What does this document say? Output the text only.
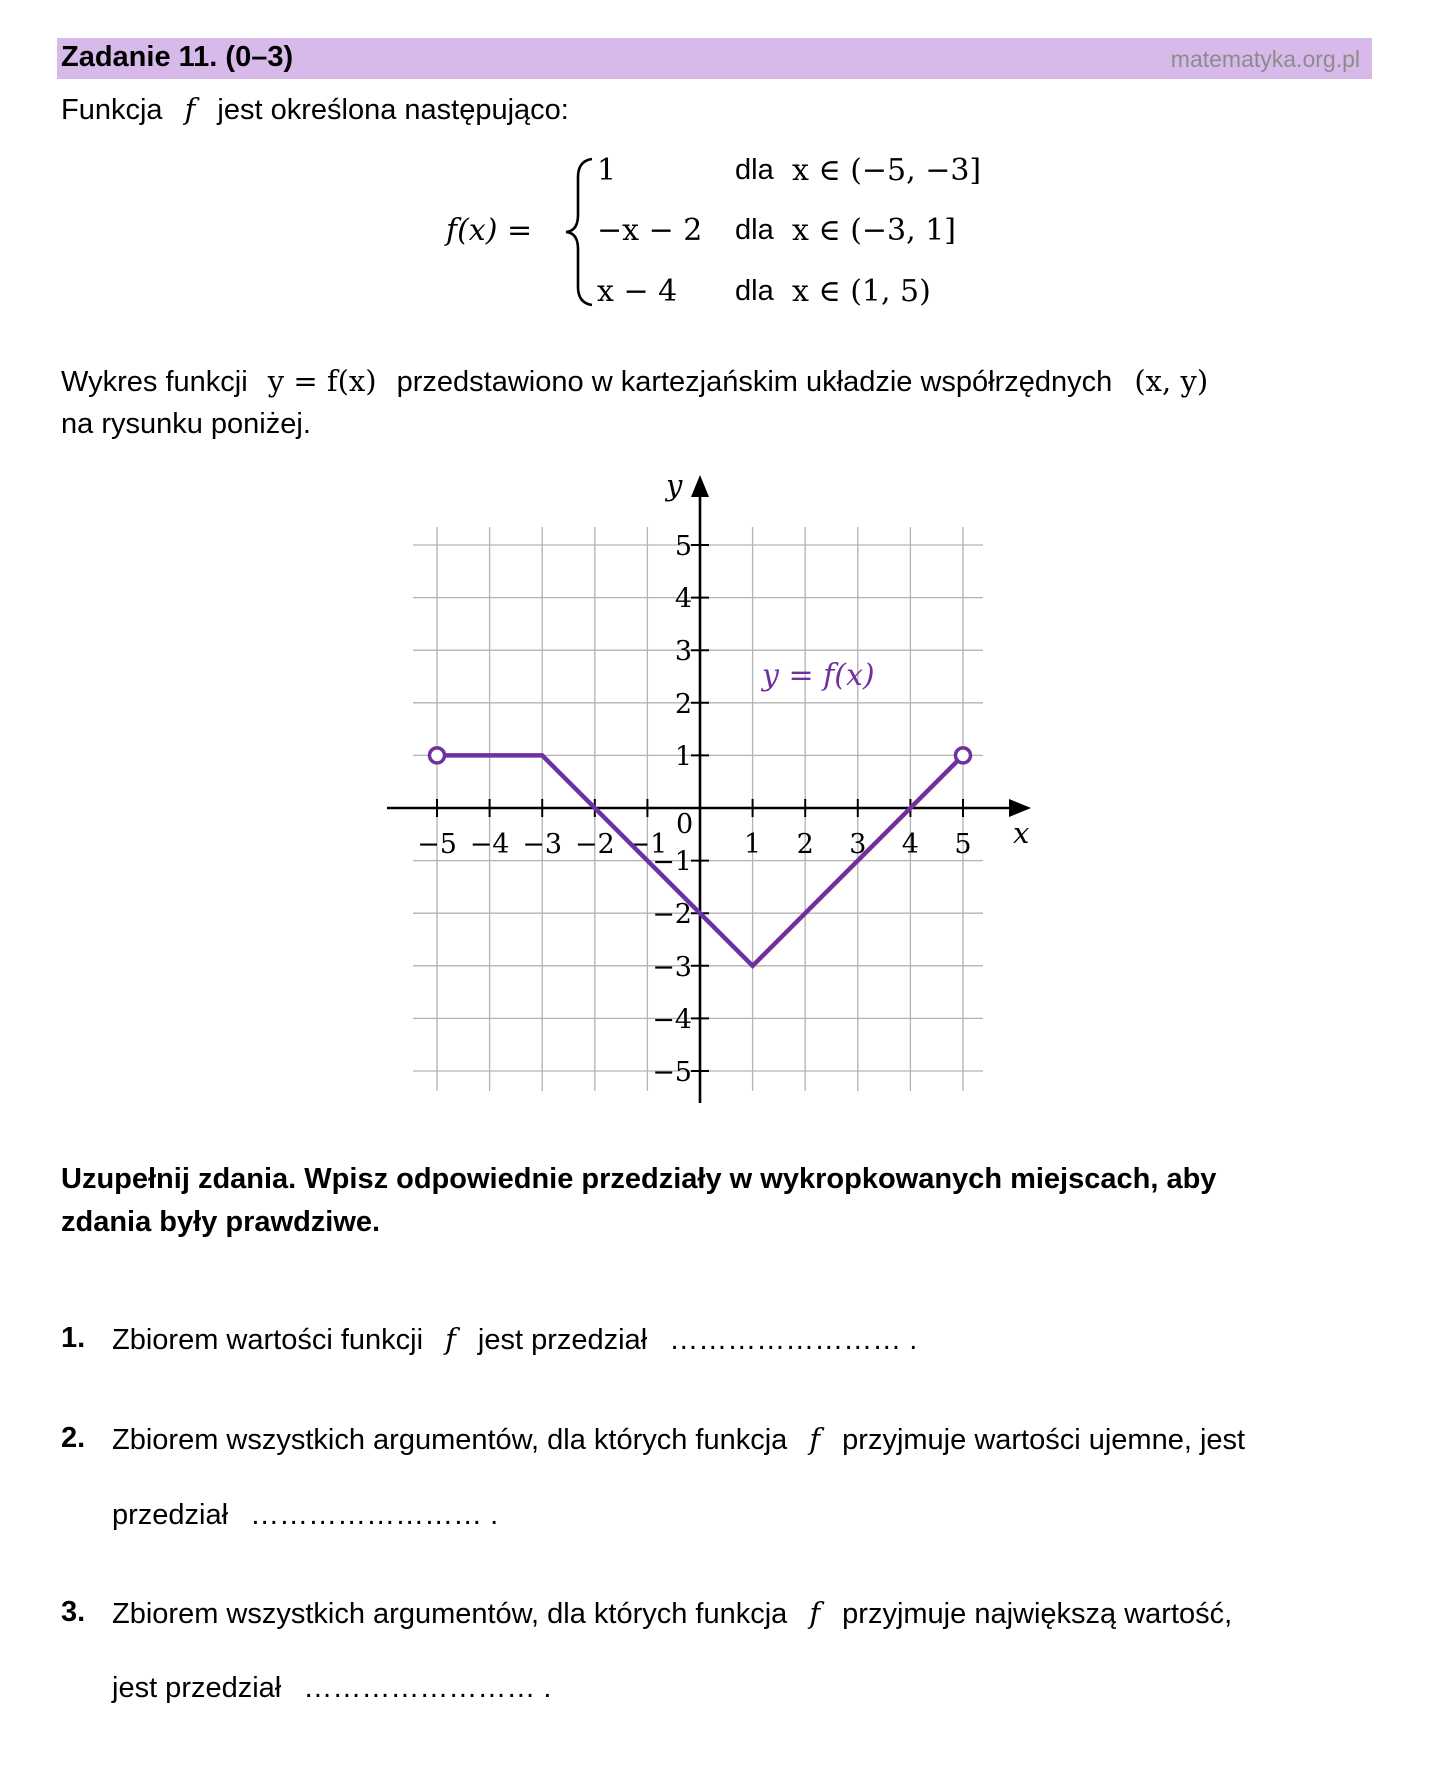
Zadanie 11. (0–3)	matematyka.org.pl
Funkcja f jest określona następująco:
f(x) =
1	dla x ∈ (−5, −3]
−x − 2 dla x ∈ (−3, 1]
x − 4 dla x ∈ (1, 5)
Wykres funkcji y = f(x) przedstawiono w kartezjańskim układzie współrzędnych (x, y)
na rysunku poniżej.
−5 −4 −3 −2 −1	1 2 3 4 5
5
4
3
2
1
−1
−2
−3
−4
−5
y = f(x)
x
y
0
Uzupełnij zdania. Wpisz odpowiednie przedziały w wykropkowanych miejscach, aby
zdania były prawdziwe.
1. Zbiorem wartości funkcji f jest przedział …………………… .
2. Zbiorem wszystkich argumentów, dla których funkcja f przyjmuje wartości ujemne, jest
przedział …………………… .
3. Zbiorem wszystkich argumentów, dla których funkcja f przyjmuje największą wartość,
jest przedział …………………… .
